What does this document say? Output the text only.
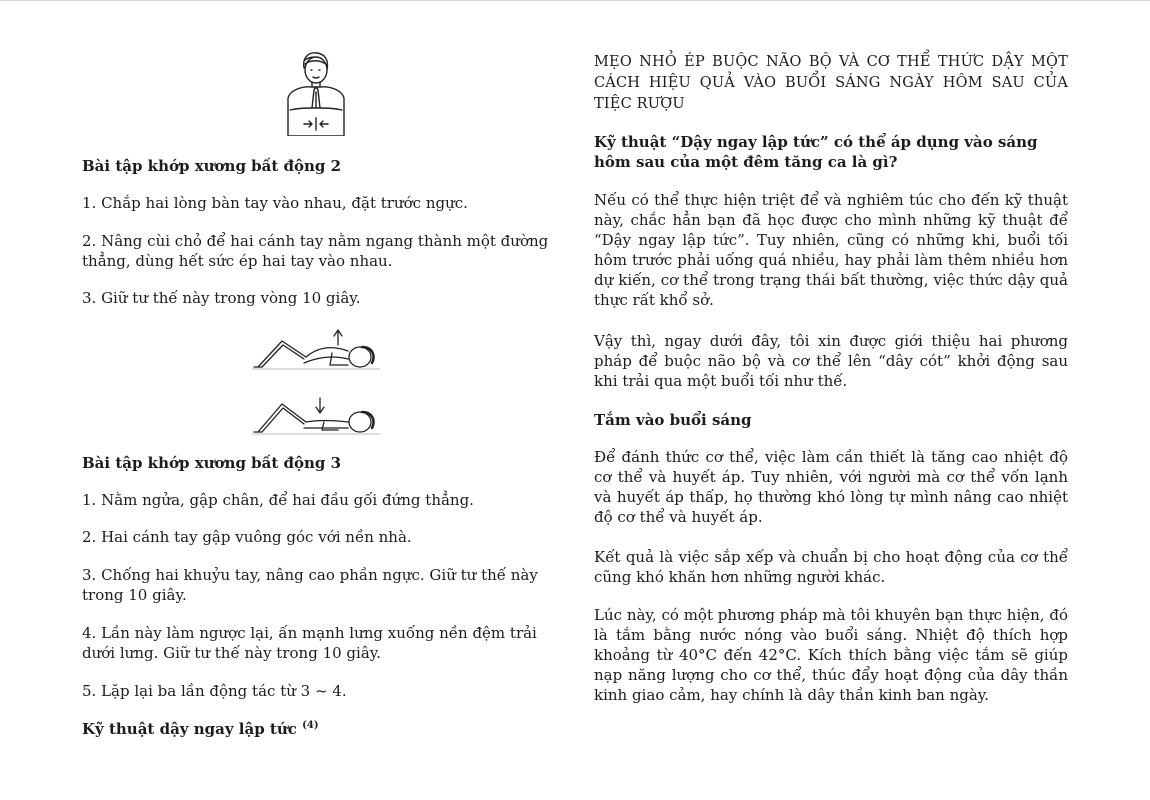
Bài tập khớp xương bất động 2

1. Chắp hai lòng bàn tay vào nhau, đặt trước ngực.

2. Nâng cùi chỏ để hai cánh tay nằm ngang thành một đường thẳng, dùng hết sức ép hai tay vào nhau.

3. Giữ tư thế này trong vòng 10 giây.

Bài tập khớp xương bất động 3

1. Nằm ngửa, gập chân, để hai đầu gối đứng thẳng.

2. Hai cánh tay gập vuông góc với nền nhà.

3. Chống hai khuỷu tay, nâng cao phần ngực. Giữ tư thế này trong 10 giây.

4. Lần này làm ngược lại, ấn mạnh lưng xuống nền đệm trải dưới lưng. Giữ tư thế này trong 10 giây.

5. Lặp lại ba lần động tác từ 3 ~ 4.

Kỹ thuật dậy ngay lập tức $^{(4)}$

MẸO NHỎ ÉP BUỘC NÃO BỘ VÀ CƠ THỂ THỨC DẬY MỘT CÁCH HIỆU QUẢ VÀO BUỔI SÁNG NGÀY HÔM SAU CỦA TIỆC RƯỢU

Kỹ thuật “Dậy ngay lập tức” có thể áp dụng vào sáng hôm sau của một đêm tăng ca là gì?

Nếu có thể thực hiện triệt để và nghiêm túc cho đến kỹ thuật này, chắc hẳn bạn đã học được cho mình những kỹ thuật để “Dậy ngay lập tức”. Tuy nhiên, cũng có những khi, buổi tối hôm trước phải uống quá nhiều, hay phải làm thêm nhiều hơn dự kiến, cơ thể trong trạng thái bất thường, việc thức dậy quả thực rất khổ sở.

Vậy thì, ngay dưới đây, tôi xin được giới thiệu hai phương pháp để buộc não bộ và cơ thể lên “dây cót” khởi động sau khi trải qua một buổi tối như thế.

Tắm vào buổi sáng

Để đánh thức cơ thể, việc làm cần thiết là tăng cao nhiệt độ cơ thể và huyết áp. Tuy nhiên, với người mà cơ thể vốn lạnh và huyết áp thấp, họ thường khó lòng tự mình nâng cao nhiệt độ cơ thể và huyết áp.

Kết quả là việc sắp xếp và chuẩn bị cho hoạt động của cơ thể cũng khó khăn hơn những người khác.

Lúc này, có một phương pháp mà tôi khuyên bạn thực hiện, đó là tắm bằng nước nóng vào buổi sáng. Nhiệt độ thích hợp khoảng từ 40°C đến 42°C. Kích thích bằng việc tắm sẽ giúp nạp năng lượng cho cơ thể, thúc đẩy hoạt động của dây thần kinh giao cảm, hay chính là dây thần kinh ban ngày.
